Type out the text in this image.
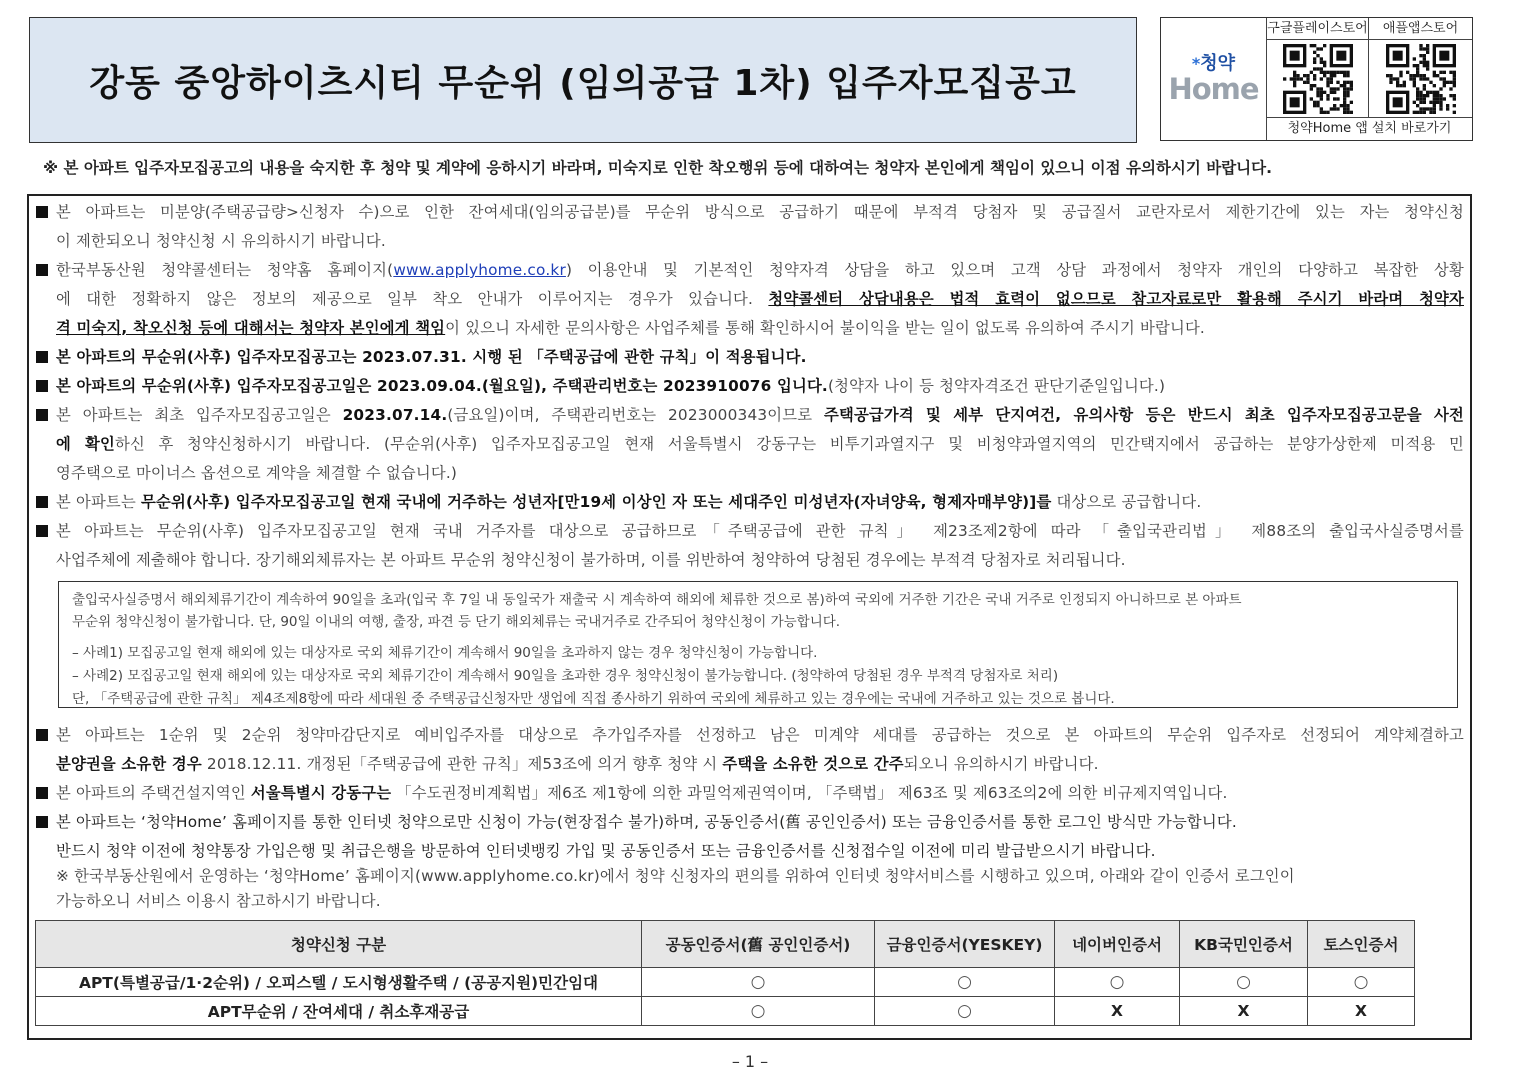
강동 중앙하이츠시티 무순위 (임의공급 1차) 입주자모집공고	*청약
Home
구글플레이스토어	애플앱스토어
청약Home 앱 설치 바로가기
※ 본 아파트 입주자모집공고의 내용을 숙지한 후 청약 및 계약에 응하시기 바라며, 미숙지로 인한 착오행위 등에 대하여는 청약자 본인에게 책임이 있으니 이점 유의하시기 바랍니다.
본 아파트는 미분양(주택공급량>신청자 수)으로 인한 잔여세대(임의공급분)를 무순위 방식으로 공급하기 때문에 부적격 당첨자 및 공급질서 교란자로서 제한기간에 있는 자는 청약신청
이 제한되오니 청약신청 시 유의하시기 바랍니다.
한국부동산원 청약콜센터는 청약홈 홈페이지(www.applyhome.co.kr) 이용안내 및 기본적인 청약자격 상담을 하고 있으며 고객 상담 과정에서 청약자 개인의 다양하고 복잡한 상황
에 대한 정확하지 않은 정보의 제공으로 일부 착오 안내가 이루어지는 경우가 있습니다. 청약콜센터 상담내용은 법적 효력이 없으므로 참고자료로만 활용해 주시기 바라며 청약자
격 미숙지, 착오신청 등에 대해서는 청약자 본인에게 책임이 있으니 자세한 문의사항은 사업주체를 통해 확인하시어 불이익을 받는 일이 없도록 유의하여 주시기 바랍니다.
본 아파트의 무순위(사후) 입주자모집공고는 2023.07.31. 시행 된 「주택공급에 관한 규칙」이 적용됩니다.
본 아파트의 무순위(사후) 입주자모집공고일은 2023.09.04.(월요일), 주택관리번호는 2023910076 입니다.(청약자 나이 등 청약자격조건 판단기준일입니다.)
본 아파트는 최초 입주자모집공고일은 2023.07.14.(금요일)이며, 주택관리번호는 2023000343이므로 주택공급가격 및 세부 단지여건, 유의사항 등은 반드시 최초 입주자모집공고문을 사전
에 확인하신 후 청약신청하시기 바랍니다. (무순위(사후) 입주자모집공고일 현재 서울특별시 강동구는 비투기과열지구 및 비청약과열지역의 민간택지에서 공급하는 분양가상한제 미적용 민
영주택으로 마이너스 옵션으로 계약을 체결할 수 없습니다.)
본 아파트는 무순위(사후) 입주자모집공고일 현재 국내에 거주하는 성년자[만19세 이상인 자 또는 세대주인 미성년자(자녀양육, 형제자매부양)]를 대상으로 공급합니다.
본 아파트는 무순위(사후) 입주자모집공고일 현재 국내 거주자를 대상으로 공급하므로「주택공급에 관한 규칙」 제23조제2항에 따라 「출입국관리법」 제88조의 출입국사실증명서를
사업주체에 제출해야 합니다. 장기해외체류자는 본 아파트 무순위 청약신청이 불가하며, 이를 위반하여 청약하여 당첨된 경우에는 부적격 당첨자로 처리됩니다.
출입국사실증명서 해외체류기간이 계속하여 90일을 초과(입국 후 7일 내 동일국가 재출국 시 계속하여 해외에 체류한 것으로 봄)하여 국외에 거주한 기간은 국내 거주로 인정되지 아니하므로 본 아파트
무순위 청약신청이 불가합니다. 단, 90일 이내의 여행, 출장, 파견 등 단기 해외체류는 국내거주로 간주되어 청약신청이 가능합니다.
– 사례1) 모집공고일 현재 해외에 있는 대상자로 국외 체류기간이 계속해서 90일을 초과하지 않는 경우 청약신청이 가능합니다.
– 사례2) 모집공고일 현재 해외에 있는 대상자로 국외 체류기간이 계속해서 90일을 초과한 경우 청약신청이 불가능합니다. (청약하여 당첨된 경우 부적격 당첨자로 처리)
단, 「주택공급에 관한 규칙」 제4조제8항에 따라 세대원 중 주택공급신청자만 생업에 직접 종사하기 위하여 국외에 체류하고 있는 경우에는 국내에 거주하고 있는 것으로 봅니다.
본 아파트는 1순위 및 2순위 청약마감단지로 예비입주자를 대상으로 추가입주자를 선정하고 남은 미계약 세대를 공급하는 것으로 본 아파트의 무순위 입주자로 선정되어 계약체결하고
분양권을 소유한 경우 2018.12.11. 개정된「주택공급에 관한 규칙」제53조에 의거 향후 청약 시 주택을 소유한 것으로 간주되오니 유의하시기 바랍니다.
본 아파트의 주택건설지역인 서울특별시 강동구는 「수도권정비계획법」제6조 제1항에 의한 과밀억제권역이며, 「주택법」 제63조 및 제63조의2에 의한 비규제지역입니다.
본 아파트는 ‘청약Home’ 홈페이지를 통한 인터넷 청약으로만 신청이 가능(현장접수 불가)하며, 공동인증서(舊 공인인증서) 또는 금융인증서를 통한 로그인 방식만 가능합니다.
반드시 청약 이전에 청약통장 가입은행 및 취급은행을 방문하여 인터넷뱅킹 가입 및 공동인증서 또는 금융인증서를 신청접수일 이전에 미리 발급받으시기 바랍니다.
※ 한국부동산원에서 운영하는 ‘청약Home’ 홈페이지(www.applyhome.co.kr)에서 청약 신청자의 편의를 위하여 인터넷 청약서비스를 시행하고 있으며, 아래와 같이 인증서 로그인이
가능하오니 서비스 이용시 참고하시기 바랍니다.
청약신청 구분	공동인증서(舊 공인인증서)	금융인증서(YESKEY)	네이버인증서	KB국민인증서	토스인증서
APT(특별공급/1·2순위) / 오피스텔 / 도시형생활주택 / (공공지원)민간임대	○	○	○	○	○
APT무순위 / 잔여세대 / 취소후재공급	○	○	X	X	X
– 1 –
